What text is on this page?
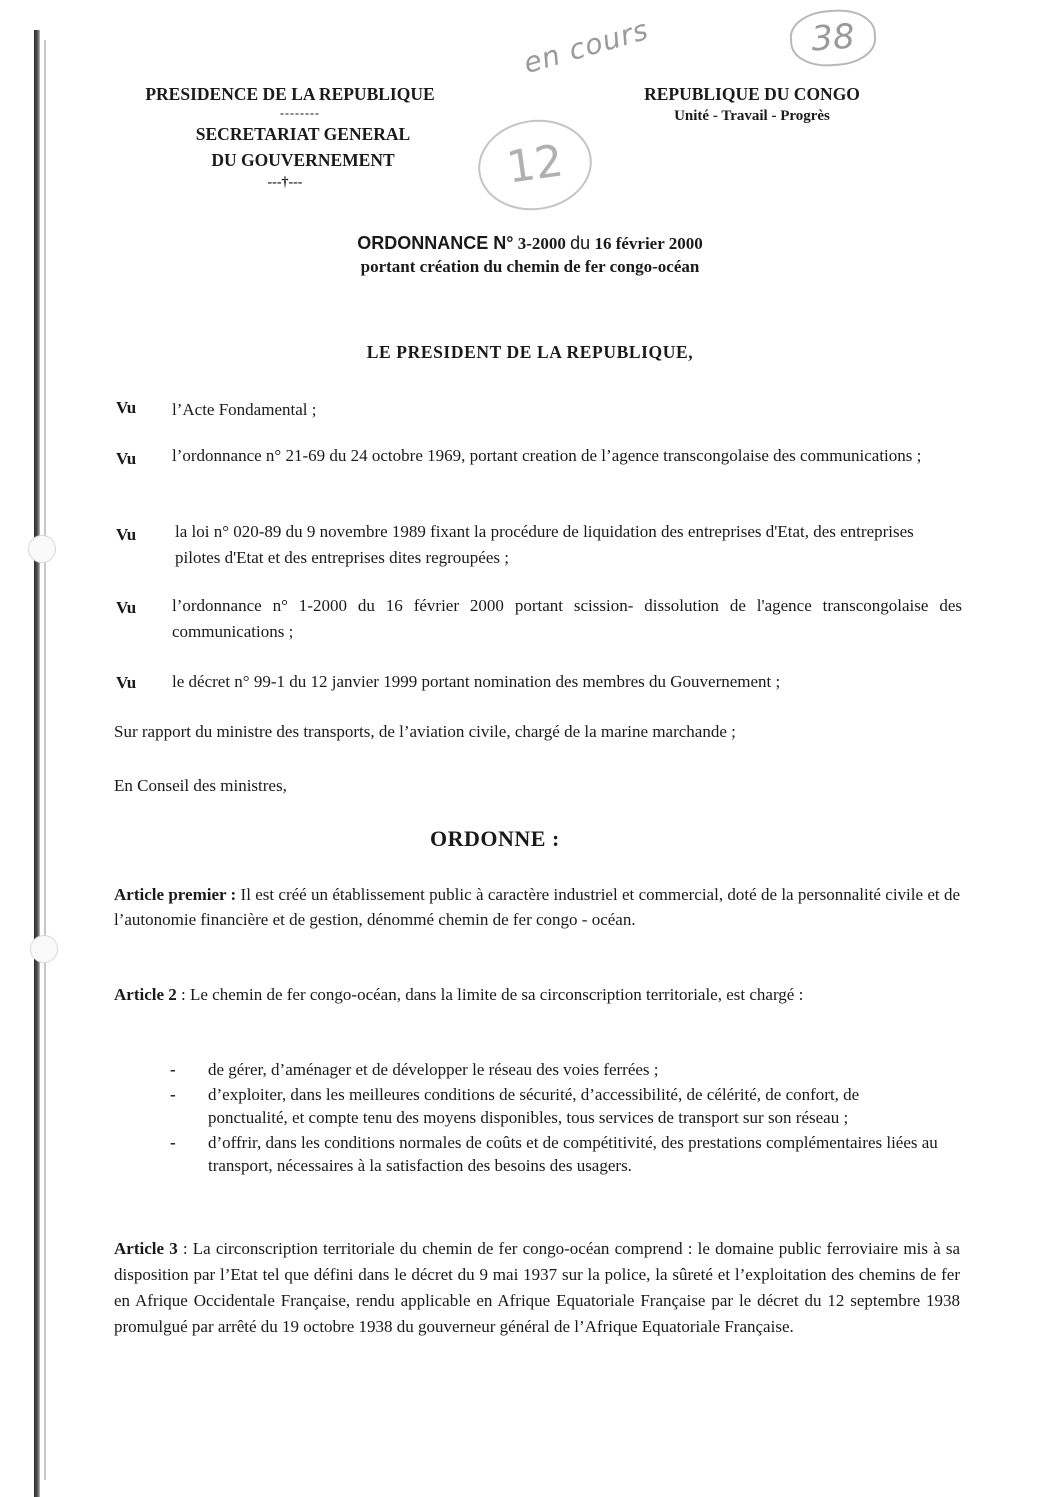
en cours	38
12
PRESIDENCE DE LA REPUBLIQUE
--------
SECRETARIAT GENERAL
DU GOUVERNEMENT
---†---
REPUBLIQUE DU CONGO
Unité - Travail - Progrès
ORDONNANCE N° 3-2000 du 16 février 2000
portant création du chemin de fer congo-océan
LE PRESIDENT DE LA REPUBLIQUE,
Vu l’Acte Fondamental ;
Vu l’ordonnance n° 21-69 du 24 octobre 1969, portant creation de l’agence transcongolaise des communications ;
Vu la loi n° 020-89 du 9 novembre 1989 fixant la procédure de liquidation des entreprises d'Etat, des entreprises pilotes d'Etat et des entreprises dites regroupées ;
Vu l’ordonnance n° 1-2000 du 16 février 2000 portant scission- dissolution de l'agence transcongolaise des communications ;
Vu le décret n° 99-1 du 12 janvier 1999 portant nomination des membres du Gouvernement ;
Sur rapport du ministre des transports, de l’aviation civile, chargé de la marine marchande ;
En Conseil des ministres,
ORDONNE :
Article premier : Il est créé un établissement public à caractère industriel et commercial, doté de la personnalité civile et de l’autonomie financière et de gestion, dénommé chemin de fer congo - océan.
Article 2 : Le chemin de fer congo-océan, dans la limite de sa circonscription territoriale, est chargé :
- de gérer, d’aménager et de développer le réseau des voies ferrées ;
- d’exploiter, dans les meilleures conditions de sécurité, d’accessibilité, de célérité, de confort, de ponctualité, et compte tenu des moyens disponibles, tous services de transport sur son réseau ;
- d’offrir, dans les conditions normales de coûts et de compétitivité, des prestations complémentaires liées au transport, nécessaires à la satisfaction des besoins des usagers.
Article 3 : La circonscription territoriale du chemin de fer congo-océan comprend : le domaine public ferroviaire mis à sa disposition par l’Etat tel que défini dans le décret du 9 mai 1937 sur la police, la sûreté et l’exploitation des chemins de fer en Afrique Occidentale Française, rendu applicable en Afrique Equatoriale Française par le décret du 12 septembre 1938 promulgué par arrêté du 19 octobre 1938 du gouverneur général de l’Afrique Equatoriale Française.
